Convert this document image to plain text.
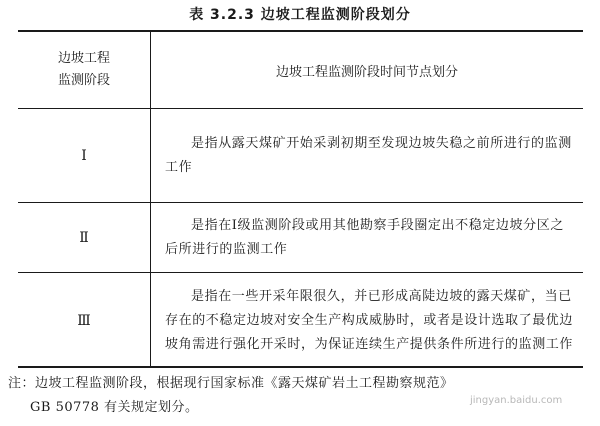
表 3.2.3 边坡工程监测阶段划分
边坡工程
监测阶段
边坡工程监测阶段时间节点划分
Ⅰ
是指从露天煤矿开始采剥初期至发现边坡失稳之前所进行的监测工作
Ⅱ
是指在Ⅰ级监测阶段或用其他勘察手段圈定出不稳定边坡分区之后所进行的监测工作
Ⅲ
是指在一些开采年限很久，并已形成高陡边坡的露天煤矿，当已存在的不稳定边坡对安全生产构成威胁时，或者是设计选取了最优边坡角需进行强化开采时，为保证连续生产提供条件所进行的监测工作
注：边坡工程监测阶段，根据现行国家标准《露天煤矿岩土工程勘察规范》
GB 50778 有关规定划分。	jingyan.baidu.com
